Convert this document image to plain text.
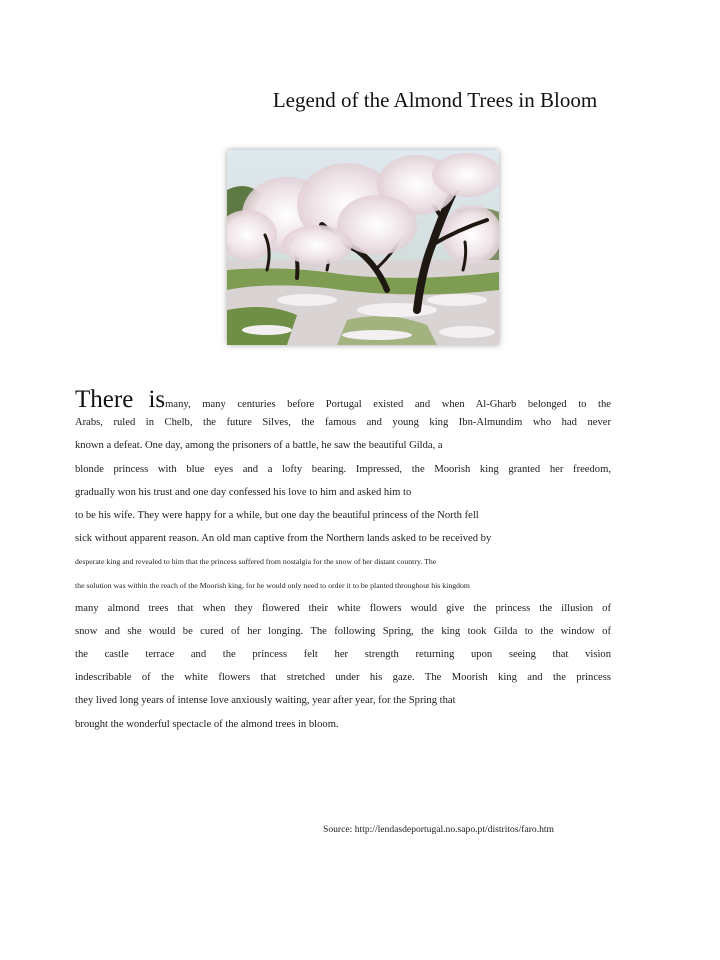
Legend of the Almond Trees in Bloom
There ismany, many centuries before Portugal existed and when Al-Gharb belonged to the
Arabs, ruled in Chelb, the future Silves, the famous and young king Ibn-Almundim who had never
known a defeat. One day, among the prisoners of a battle, he saw the beautiful Gilda, a
blonde princess with blue eyes and a lofty bearing. Impressed, the Moorish king granted her freedom,
gradually won his trust and one day confessed his love to him and asked him to
to be his wife. They were happy for a while, but one day the beautiful princess of the North fell
sick without apparent reason. An old man captive from the Northern lands asked to be received by
desperate king and revealed to him that the princess suffered from nostalgia for the snow of her distant country. The
the solution was within the reach of the Moorish king, for he would only need to order it to be planted throughout his kingdom
many almond trees that when they flowered their white flowers would give the princess the illusion of
snow and she would be cured of her longing. The following Spring, the king took Gilda to the window of
the castle terrace and the princess felt her strength returning upon seeing that vision
indescribable of the white flowers that stretched under his gaze. The Moorish king and the princess
they lived long years of intense love anxiously waiting, year after year, for the Spring that
brought the wonderful spectacle of the almond trees in bloom.
Source: http://lendasdeportugal.no.sapo.pt/distritos/faro.htm
